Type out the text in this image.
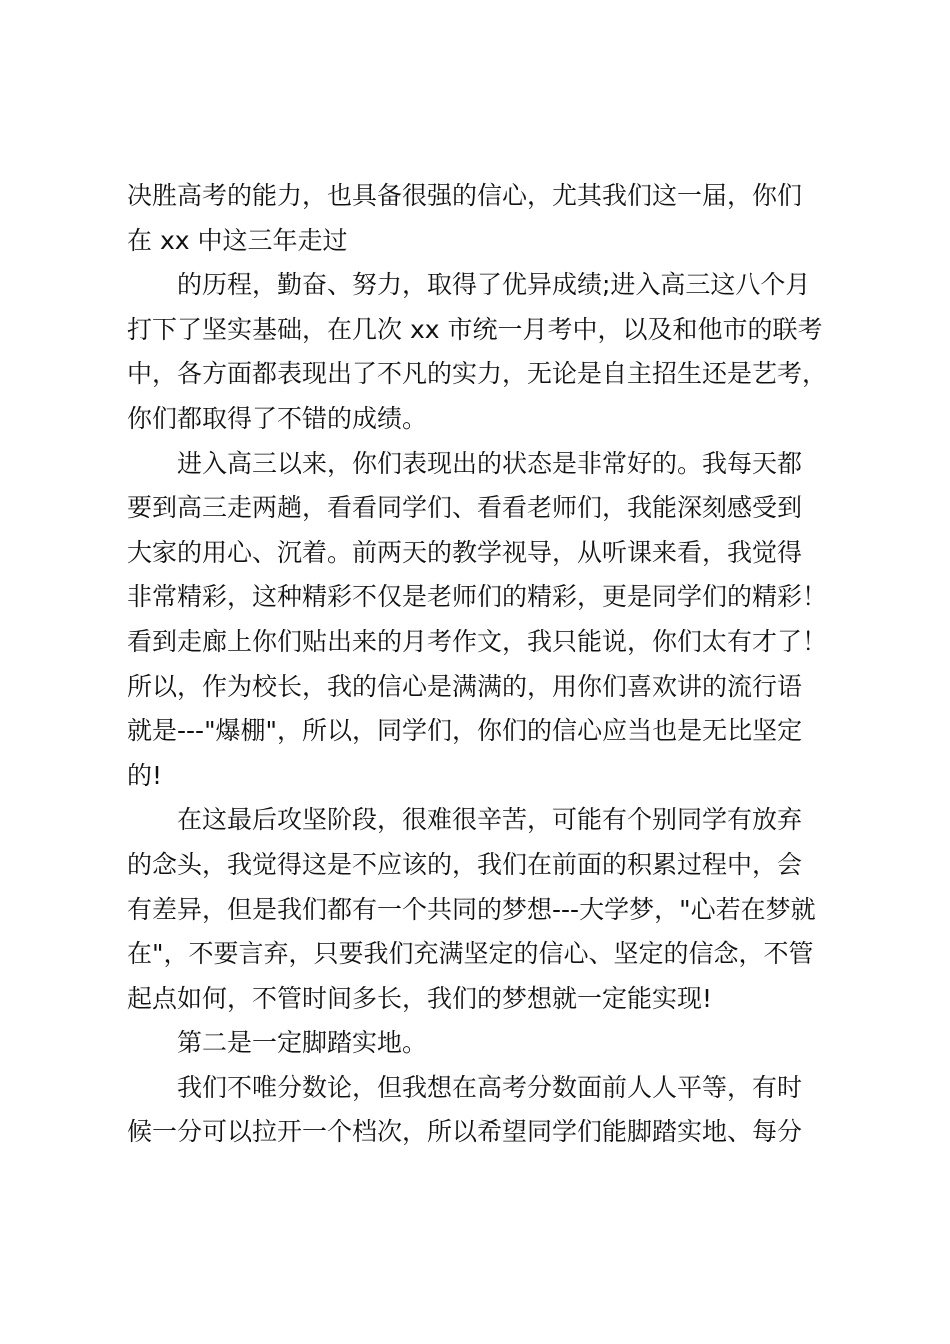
决胜高考的能力，也具备很强的信心，尤其我们这一届，你们
在 xx 中这三年走过
的历程，勤奋、努力，取得了优异成绩;进入高三这八个月
打下了坚实基础，在几次 xx 市统一月考中，以及和他市的联考
中，各方面都表现出了不凡的实力，无论是自主招生还是艺考，
你们都取得了不错的成绩。
进入高三以来，你们表现出的状态是非常好的。我每天都
要到高三走两趟，看看同学们、看看老师们，我能深刻感受到
大家的用心、沉着。前两天的教学视导，从听课来看，我觉得
非常精彩，这种精彩不仅是老师们的精彩，更是同学们的精彩！
看到走廊上你们贴出来的月考作文，我只能说，你们太有才了！
所以，作为校长，我的信心是满满的，用你们喜欢讲的流行语
就是---"爆棚"，所以，同学们，你们的信心应当也是无比坚定
的!
在这最后攻坚阶段，很难很辛苦，可能有个别同学有放弃
的念头，我觉得这是不应该的，我们在前面的积累过程中，会
有差异，但是我们都有一个共同的梦想---大学梦，"心若在梦就
在"，不要言弃，只要我们充满坚定的信心、坚定的信念，不管
起点如何，不管时间多长，我们的梦想就一定能实现!
第二是一定脚踏实地。
我们不唯分数论，但我想在高考分数面前人人平等，有时
候一分可以拉开一个档次，所以希望同学们能脚踏实地、每分
